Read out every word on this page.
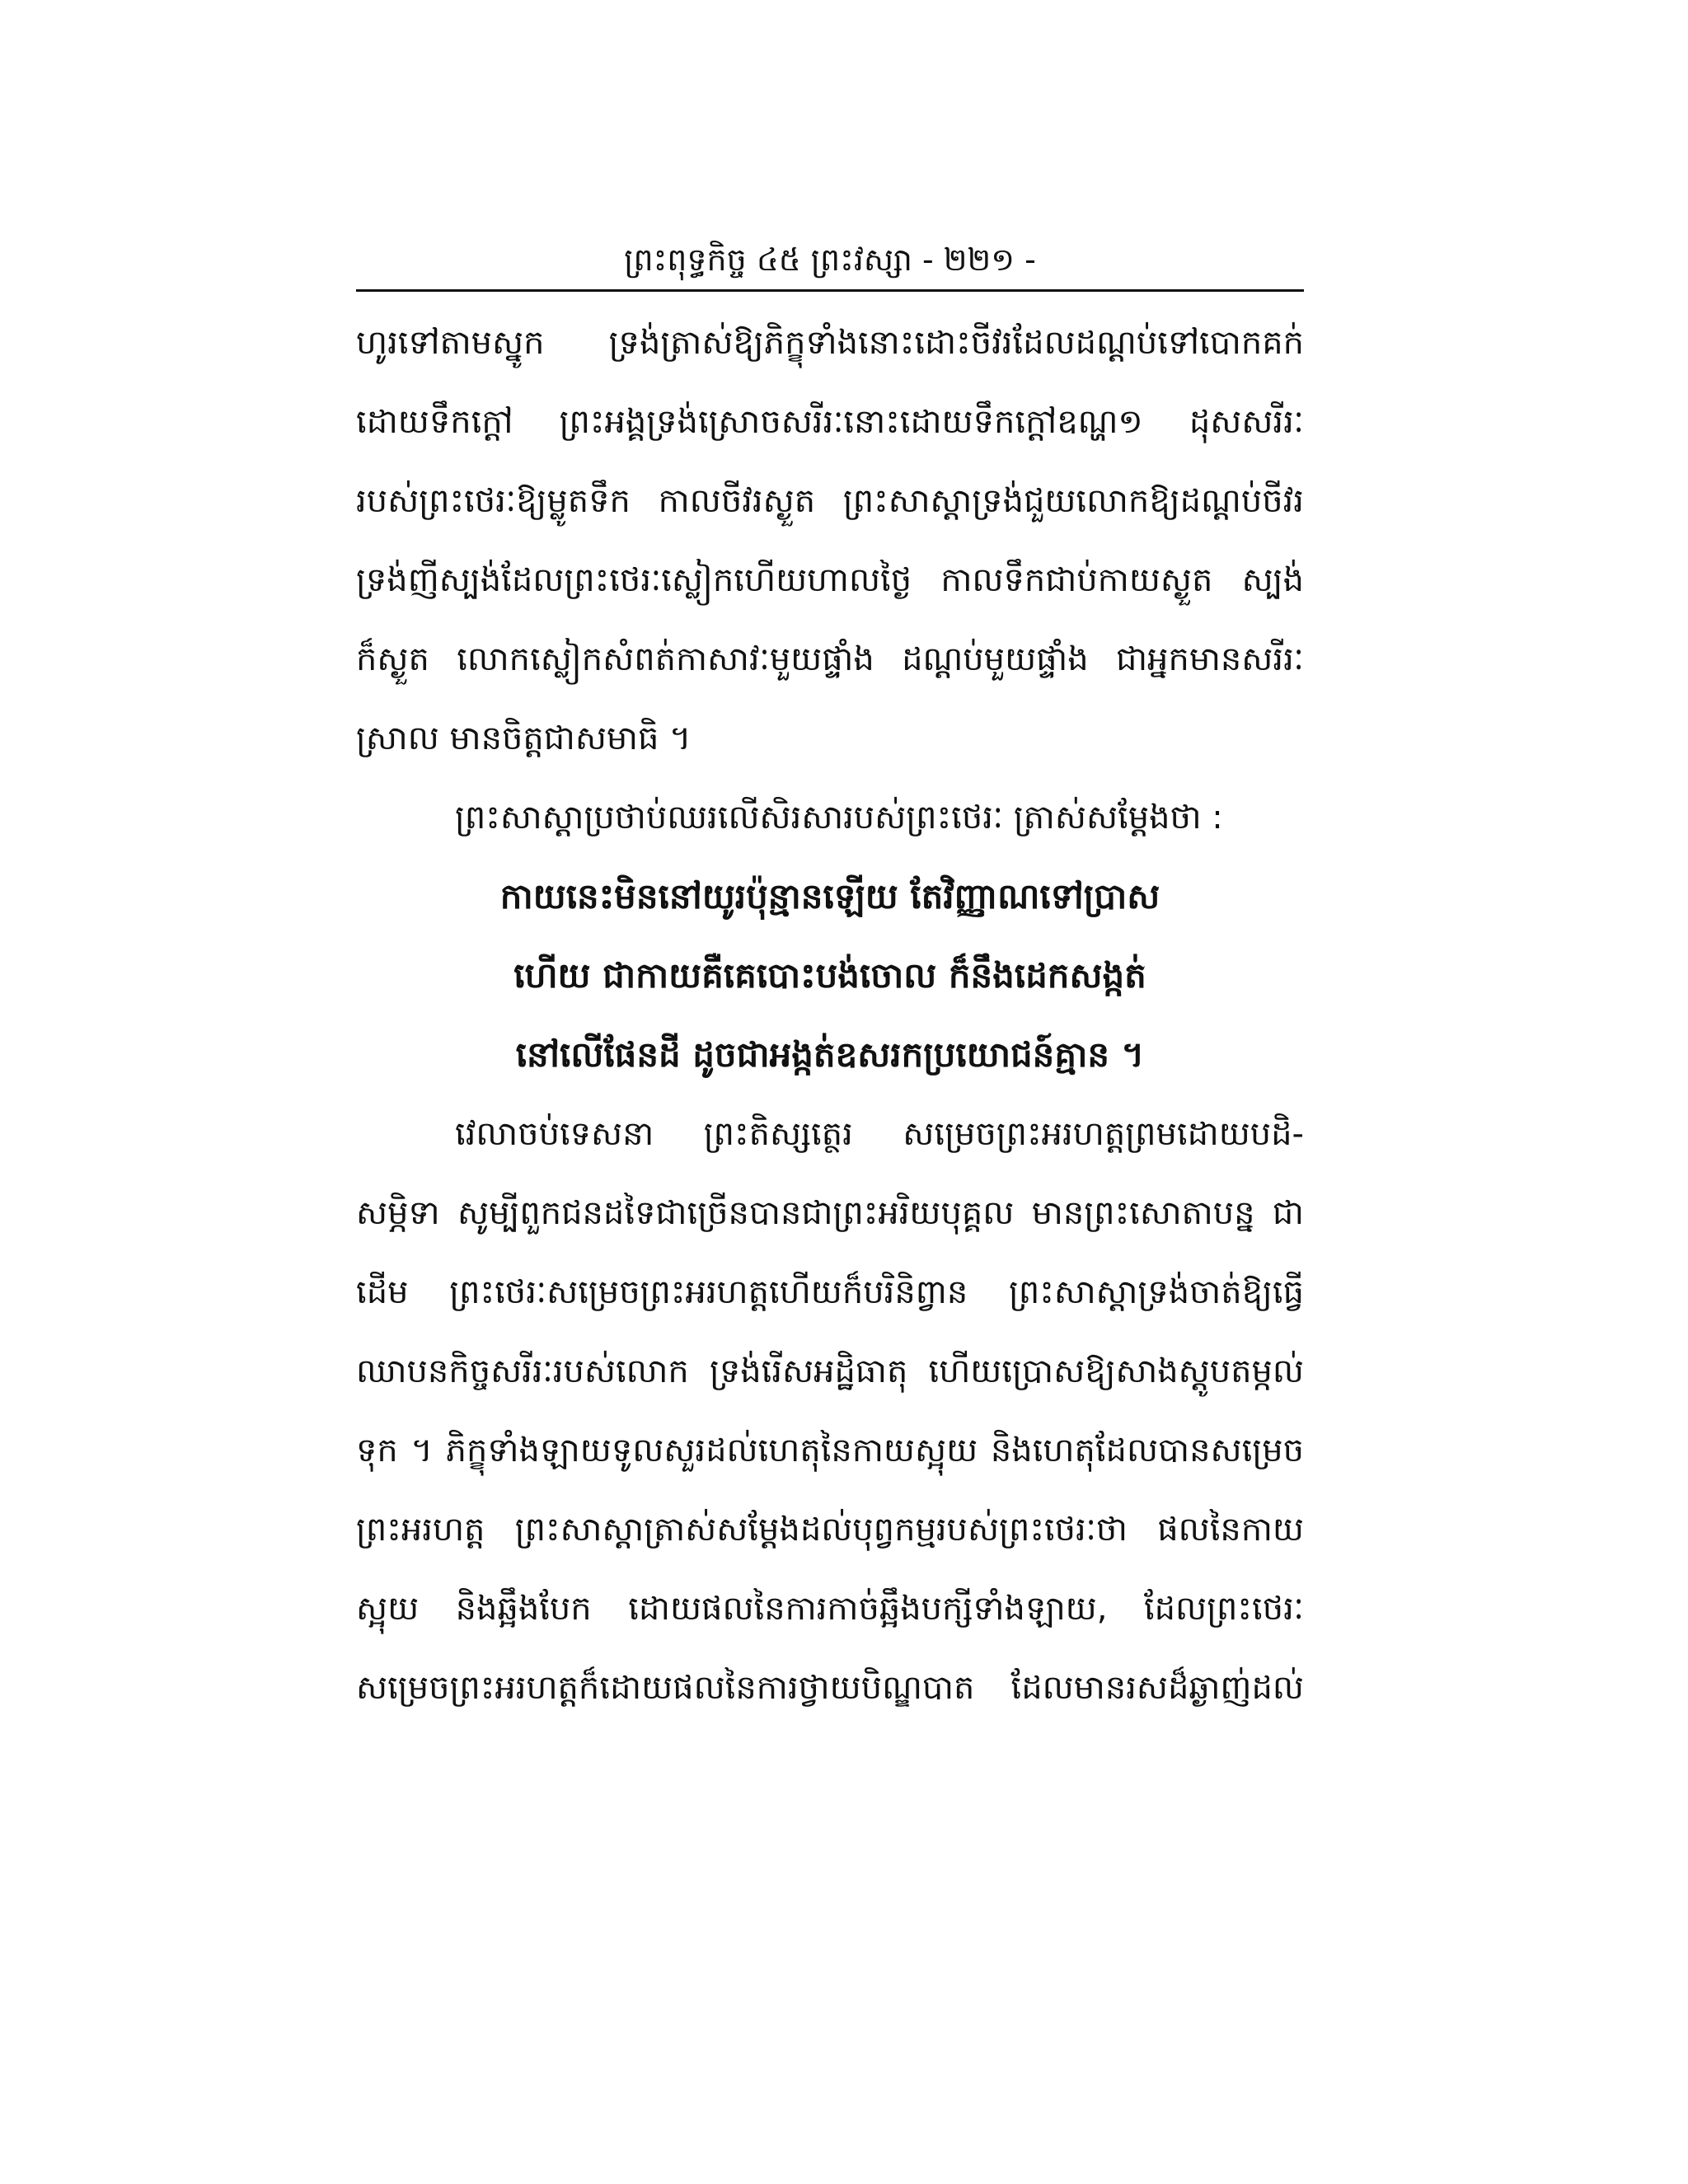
ព្រះពុទ្ធកិច្ច ៤៥ ព្រះវស្សា - ២២១ -
ហូរទៅតាមស្នូក ទ្រង់ត្រាស់ឱ្យភិក្ខុទាំងនោះដោះចីវរដែលដណ្តប់ទៅបោកគក់
ដោយទឹកក្តៅ ព្រះអង្គទ្រង់ស្រោចសរីរៈនោះដោយទឹកក្តៅឧណ្ហ១ ដុសសរីរៈ
របស់ព្រះថេរៈឱ្យម្លូតទឹក កាលចីវរស្ងួត ព្រះសាស្តាទ្រង់ជួយលោកឱ្យដណ្តប់ចីវរ
ទ្រង់ញីស្បង់ដែលព្រះថេរៈស្លៀកហើយហាលថ្ងៃ កាលទឹកជាប់កាយស្ងួត ស្បង់
ក៏ស្ងួត លោកស្លៀកសំពត់កាសាវៈមួយផ្ទាំង ដណ្តប់មួយផ្ទាំង ជាអ្នកមានសរីរៈ
ស្រាល មានចិត្តជាសមាធិ ។
ព្រះសាស្តាប្រថាប់ឈរលើសិរសារបស់ព្រះថេរៈ ត្រាស់សម្តែងថា :
កាយនេះមិននៅយូរប៉ុន្មានឡើយ តែវិញ្ញាណទៅប្រាស
ហើយ ជាកាយគឺគេបោះបង់ចោល ក៏នឹងដេកសង្កត់
នៅលើផែនដី ដូចជាអង្កត់ឧសរកប្រយោជន៍គ្មាន ។
វេលាចប់ទេសនា ព្រះតិស្សត្ថេរ សម្រេចព្រះអរហត្តព្រមដោយបដិ-
សម្ភិទា សូម្បីពួកជនដទៃជាច្រើនបានជាព្រះអរិយបុគ្គល មានព្រះសោតាបន្ន ជា
ដើម ព្រះថេរៈសម្រេចព្រះអរហត្តហើយក៏បរិនិព្វាន ព្រះសាស្តាទ្រង់ចាត់ឱ្យធ្វើ
ឈាបនកិច្ចសរីរៈរបស់លោក ទ្រង់រើសអដ្ឋិធាតុ ហើយប្រោសឱ្យសាងស្តូបតម្កល់
ទុក ។ ភិក្ខុទាំងឡាយទូលសួរដល់ហេតុនៃកាយស្អុយ និងហេតុដែលបានសម្រេច
ព្រះអរហត្ត ព្រះសាស្តាត្រាស់សម្តែងដល់បុព្វកម្មរបស់ព្រះថេរៈថា ផលនៃកាយ
ស្អុយ និងឆ្អឹងបែក ដោយផលនៃការកាច់ឆ្អឹងបក្សីទាំងឡាយ, ដែលព្រះថេរៈ
សម្រេចព្រះអរហត្តក៏ដោយផលនៃការថ្វាយបិណ្ឌបាត ដែលមានរសដ៏ឆ្ងាញ់ដល់
